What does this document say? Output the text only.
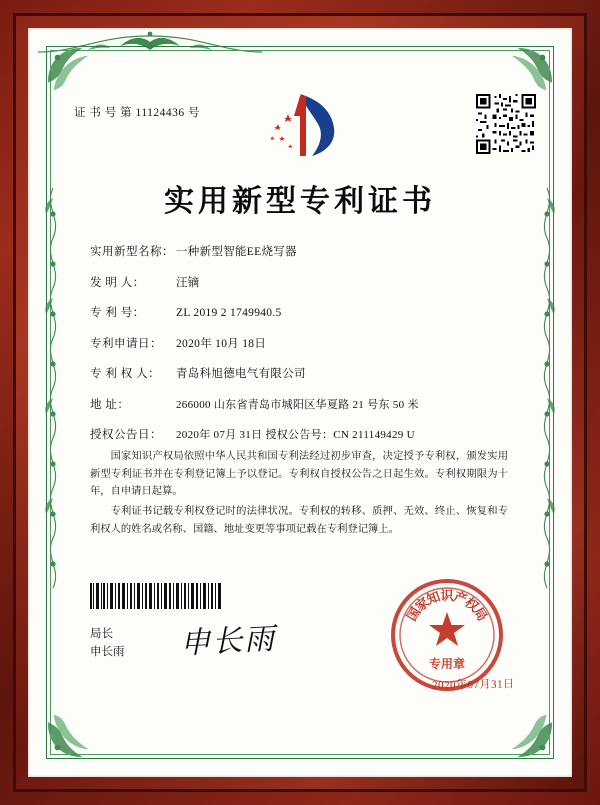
证 书 号 第 11124436 号
实用新型专利证书
实用新型名称： 一种新型智能EE烧写器
发 明 人：	汪镝
专 利 号：	ZL 2019 2 1749940.5
专利申请日：	2020年 10月 18日
专 利 权 人：	青岛科旭德电气有限公司
地 址：	266000 山东省青岛市城阳区华夏路 21 号东 50 米
授权公告日：	2020年 07月 31日 授权公告号：CN 211149429 U

国家知识产权局依照中华人民共和国专利法经过初步审查，决定授予专利权，颁发实用新型专利证书并在专利登记簿上予以登记。专利权自授权公告之日起生效。专利权期限为十年，自申请日起算。

专利证书记载专利权登记时的法律状况。专利权的转移、质押、无效、终止、恢复和专利权人的姓名或名称、国籍、地址变更等事项记载在专利登记簿上。

局长
申长雨 申长雨
国
家
知
识
产
权
局
专用章
2020年07月31日
